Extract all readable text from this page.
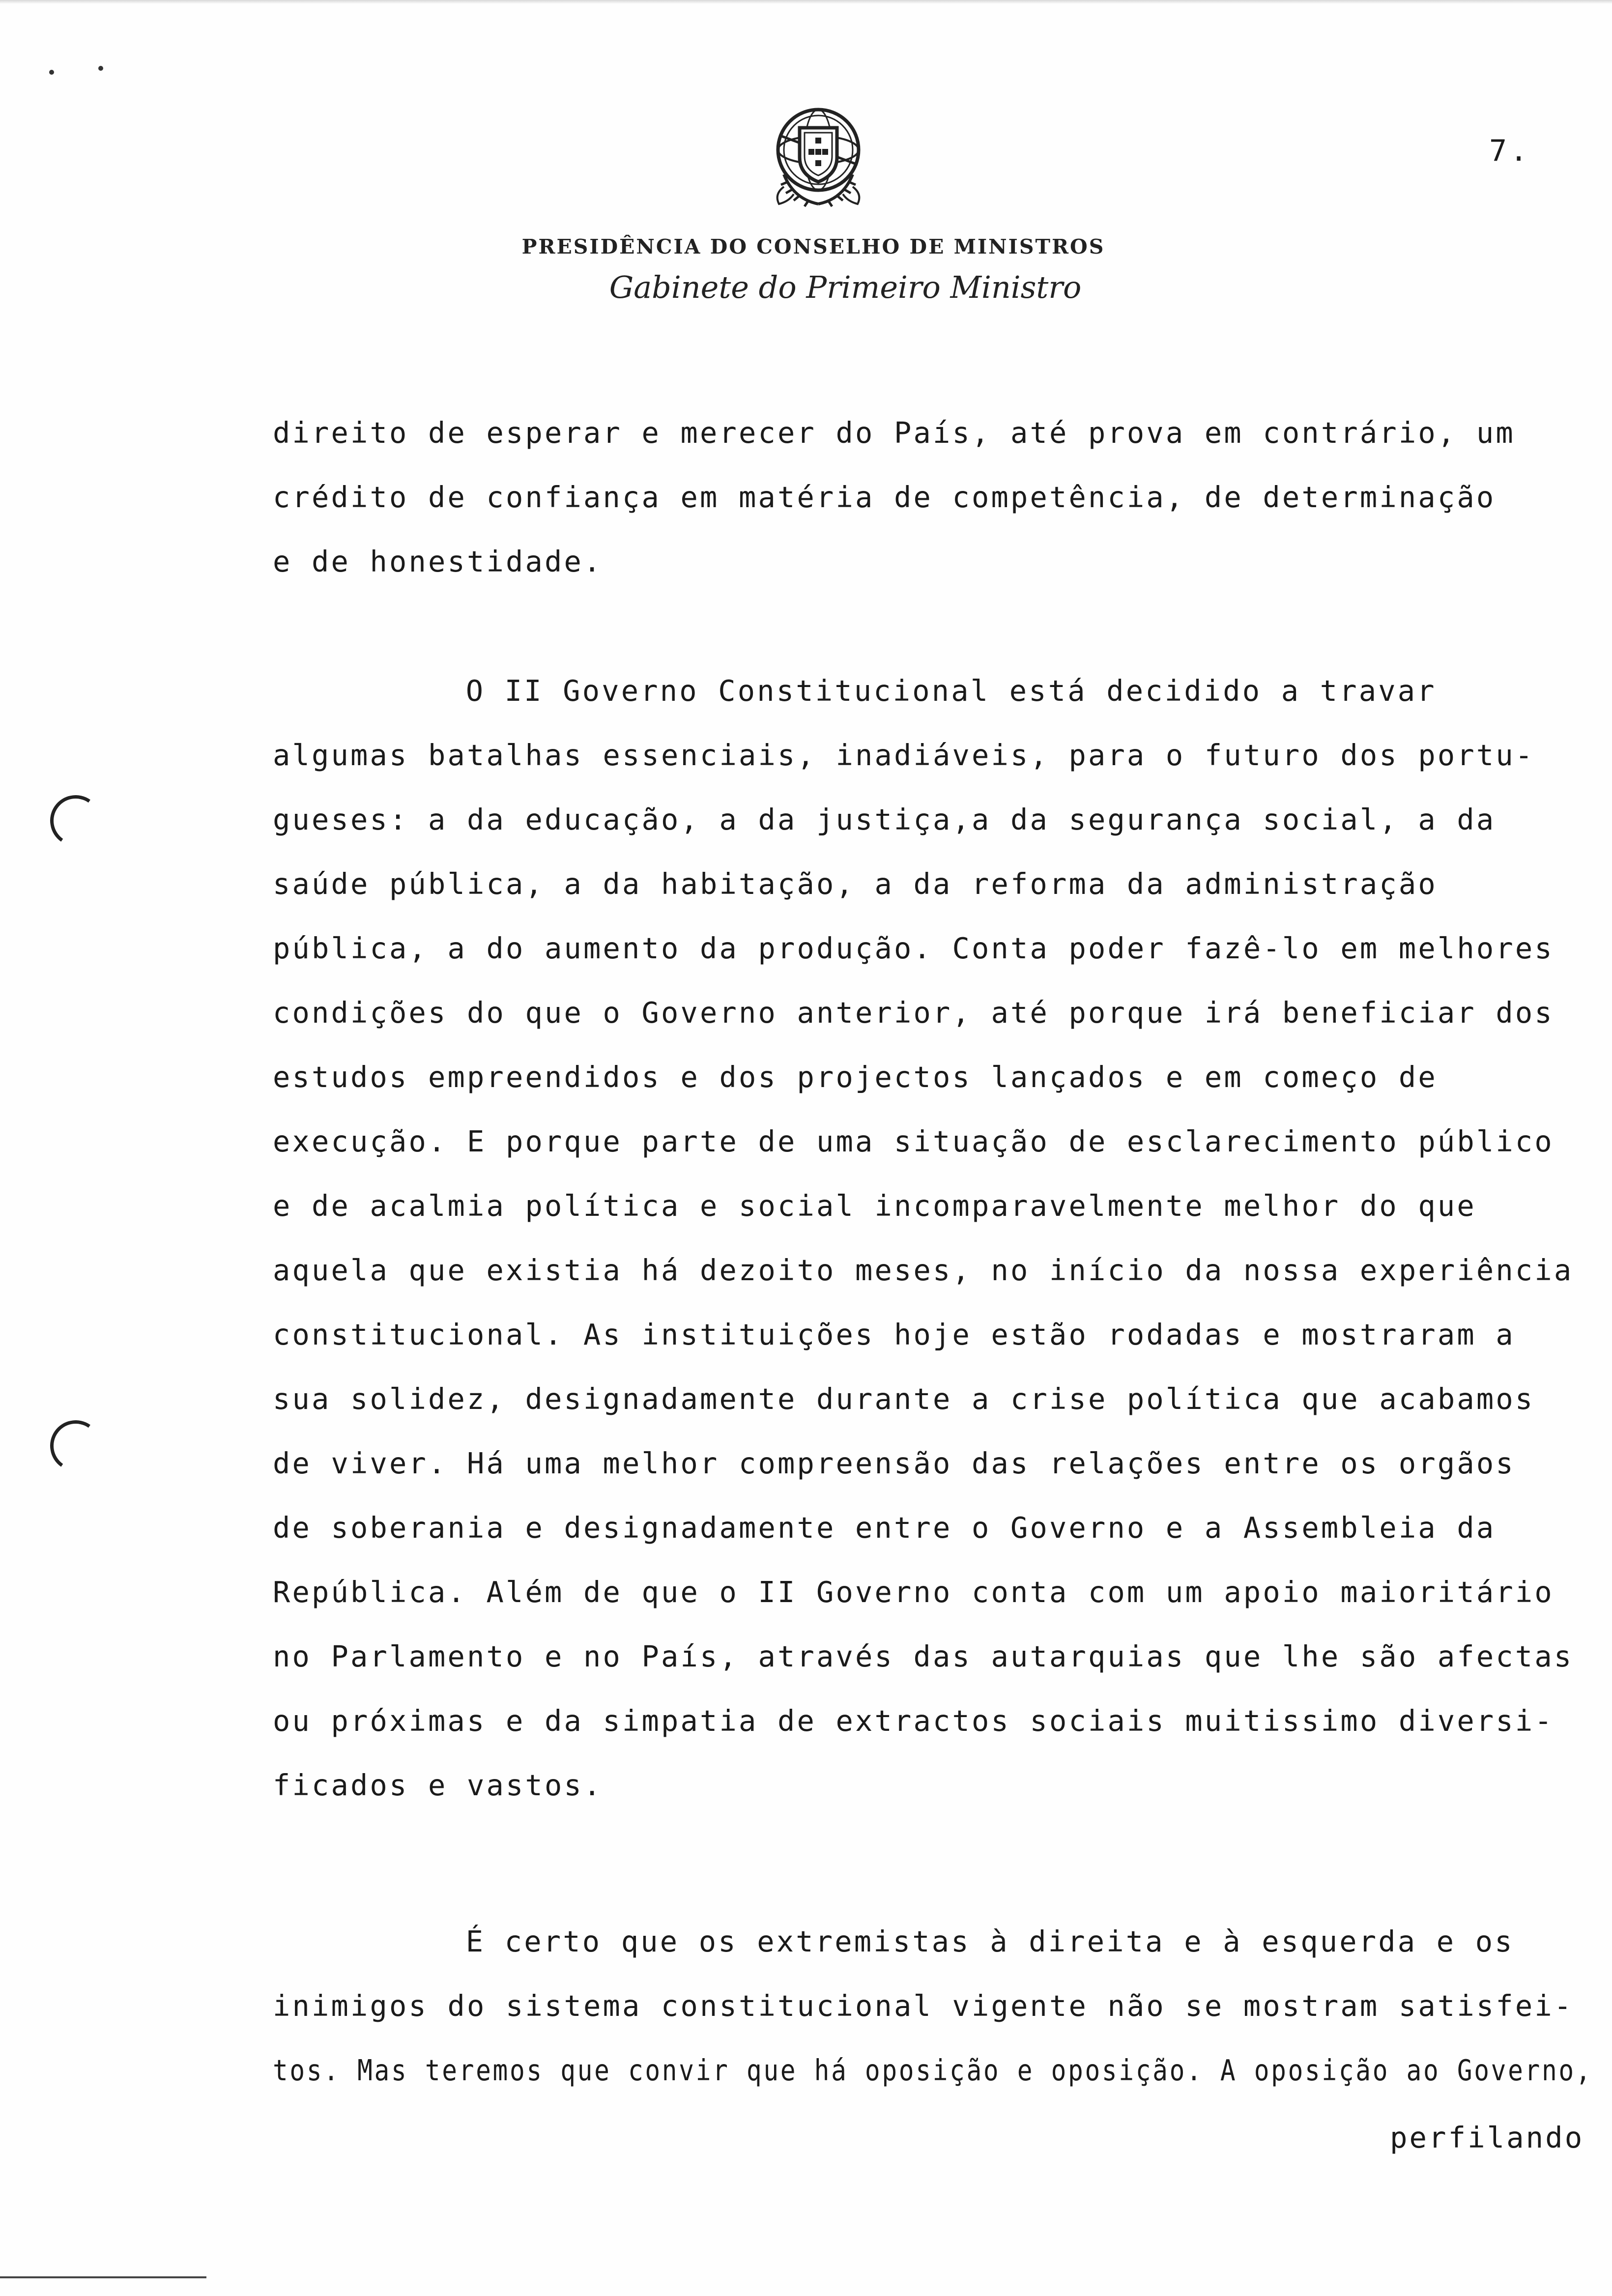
7.
PRESIDÊNCIA DO CONSELHO DE MINISTROS
Gabinete do Primeiro Ministro
direito de esperar e merecer do País, até prova em contrário, um
crédito de confiança em matéria de competência, de determinação
e de honestidade.
O II Governo Constitucional está decidido a travar
algumas batalhas essenciais, inadiáveis, para o futuro dos portu-
gueses: a da educação, a da justiça,a da segurança social, a da
saúde pública, a da habitação, a da reforma da administração
pública, a do aumento da produção. Conta poder fazê-lo em melhores
condições do que o Governo anterior, até porque irá beneficiar dos
estudos empreendidos e dos projectos lançados e em começo de
execução. E porque parte de uma situação de esclarecimento público
e de acalmia política e social incomparavelmente melhor do que
aquela que existia há dezoito meses, no início da nossa experiência
constitucional. As instituições hoje estão rodadas e mostraram a
sua solidez, designadamente durante a crise política que acabamos
de viver. Há uma melhor compreensão das relações entre os orgãos
de soberania e designadamente entre o Governo e a Assembleia da
República. Além de que o II Governo conta com um apoio maioritário
no Parlamento e no País, através das autarquias que lhe são afectas
ou próximas e da simpatia de extractos sociais muitissimo diversi-
ficados e vastos.
É certo que os extremistas à direita e à esquerda e os
inimigos do sistema constitucional vigente não se mostram satisfei-
tos. Mas teremos que convir que há oposição e oposição. A oposição ao Governo,
perfilando
